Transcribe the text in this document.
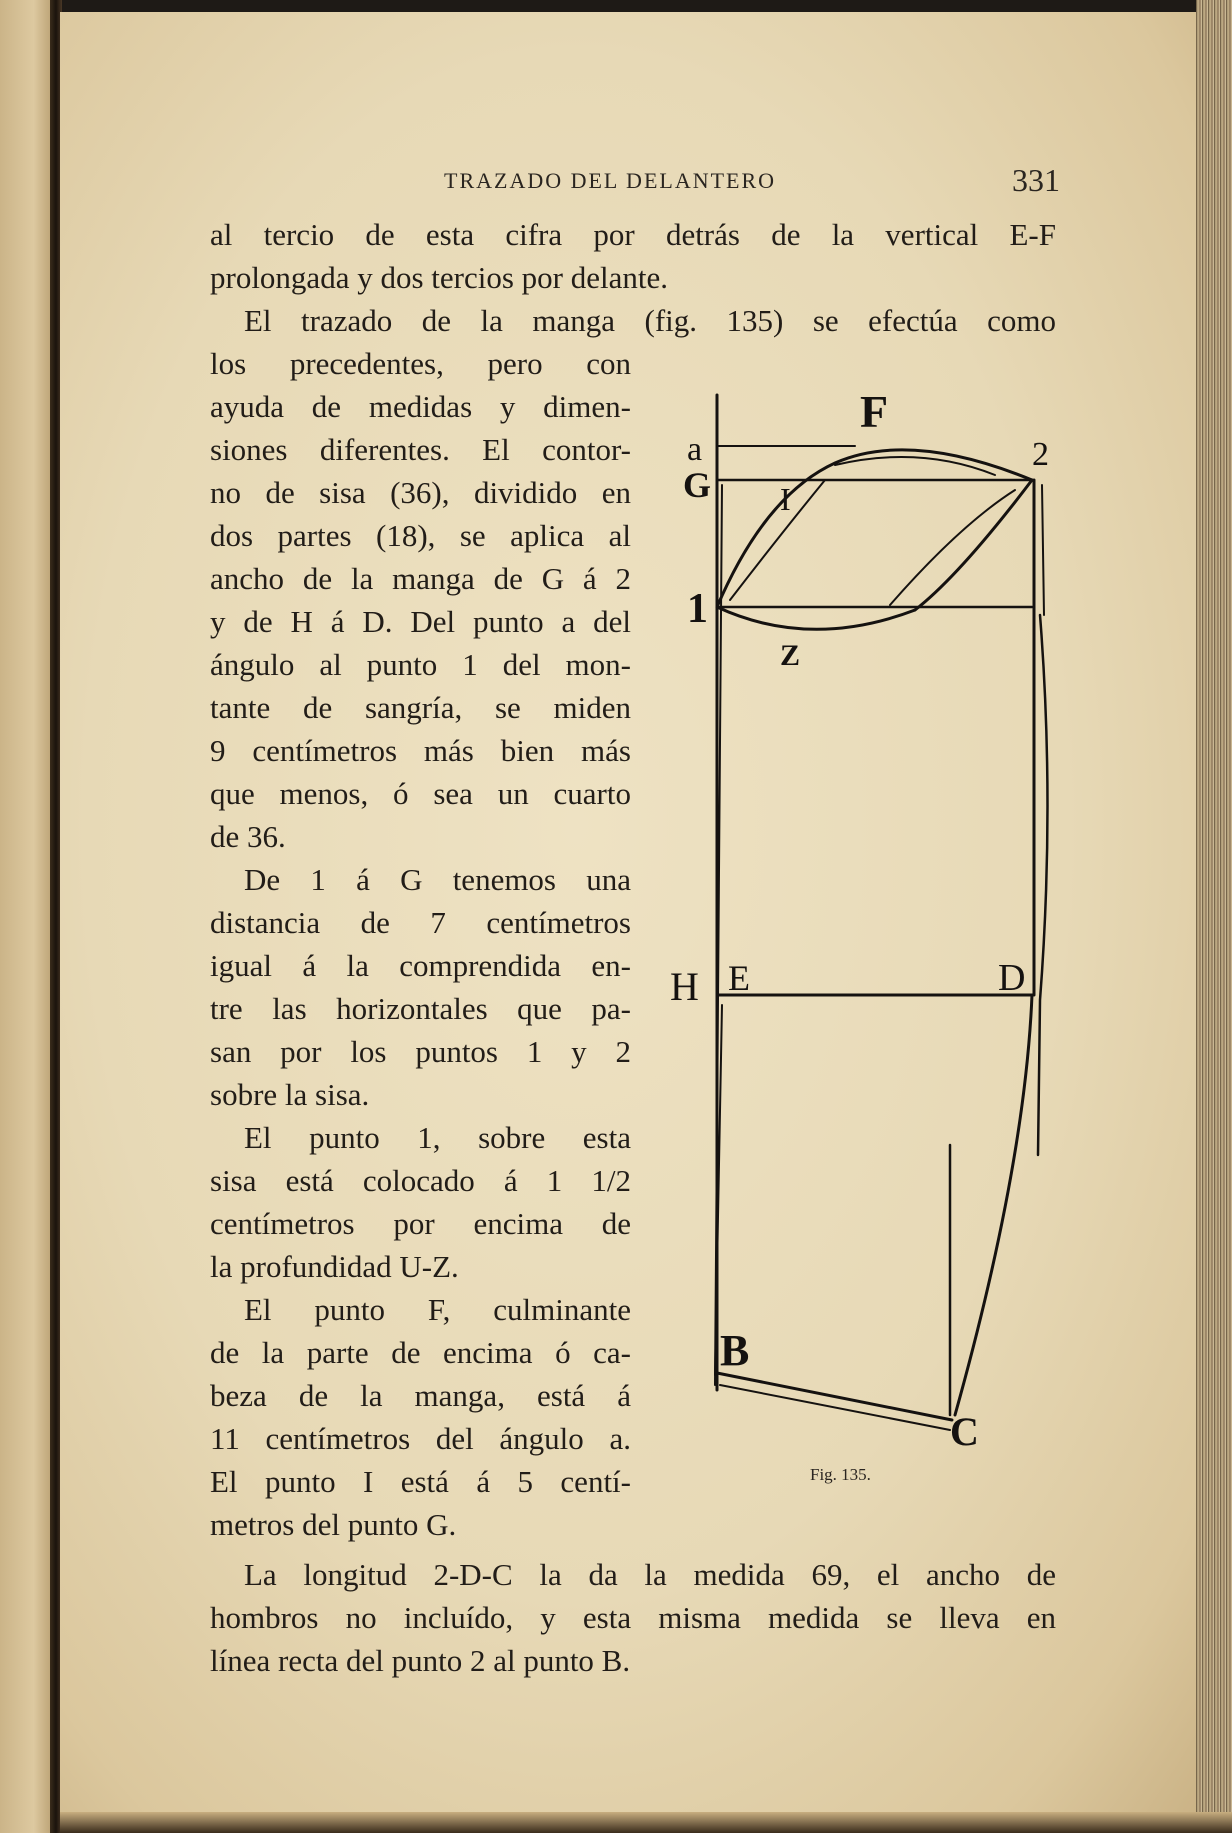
TRAZADO DEL DELANTERO	331
al tercio de esta cifra por detrás de la vertical E-F
prolongada y dos tercios por delante.
El trazado de la manga (fig. 135) se efectúa como
los precedentes, pero con
ayuda de medidas y dimen-
siones diferentes. El contor-
no de sisa (36), dividido en
dos partes (18), se aplica al
ancho de la manga de G á 2
y de H á D. Del punto a del
ángulo al punto 1 del mon-
tante de sangría, se miden
9 centímetros más bien más
que menos, ó sea un cuarto
de 36.
De 1 á G tenemos una
distancia de 7 centímetros
igual á la comprendida en-
tre las horizontales que pa-
san por los puntos 1 y 2
sobre la sisa.
El punto 1, sobre esta
sisa está colocado á 1 1/2
centímetros por encima de
la profundidad U-Z.
El punto F, culminante
de la parte de encima ó ca-
beza de la manga, está á
11 centímetros del ángulo a.
El punto I está á 5 centí-
metros del punto G.
La longitud 2-D-C la da la medida 69, el ancho de
hombros no incluído, y esta misma medida se lleva en
línea recta del punto 2 al punto B.
a
G
F
2
I
1
Z
H E	D
B
C
Fig. 135.
